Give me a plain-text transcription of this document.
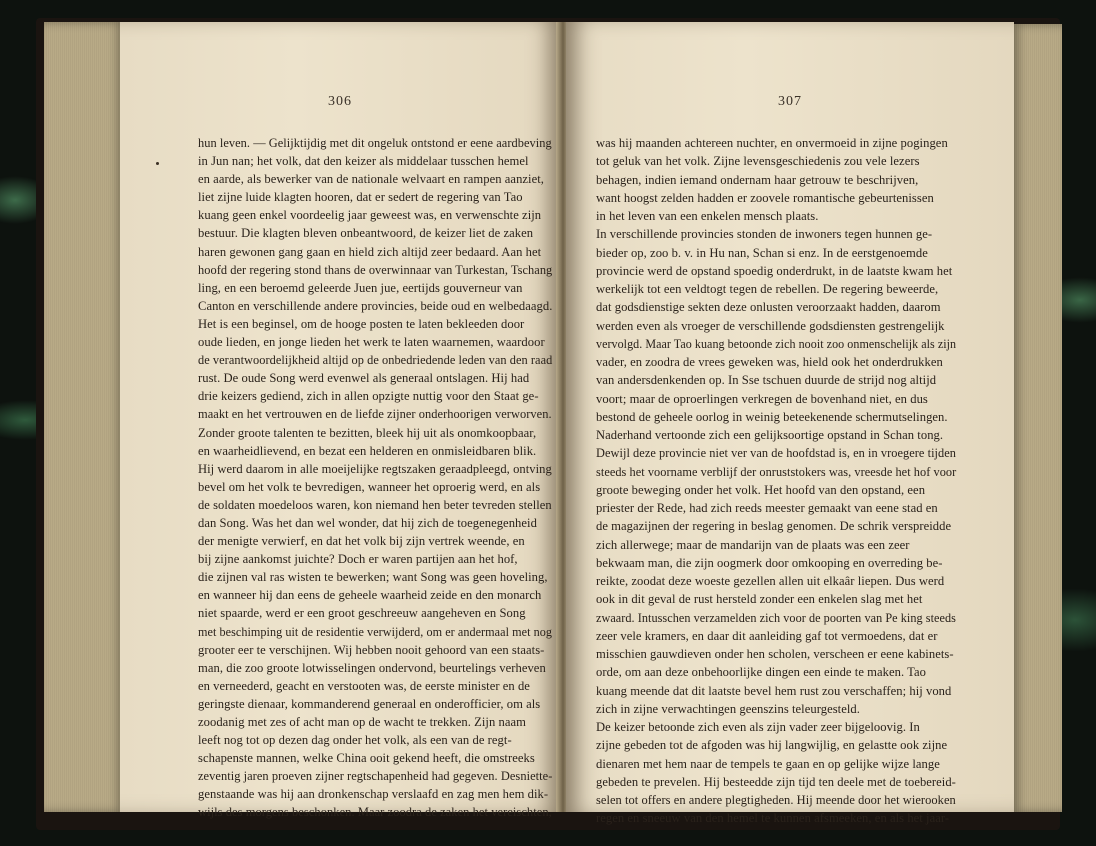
306
hun leven. — Gelijktijdig met dit ongeluk ontstond er eene aardbeving
in Jun nan; het volk, dat den keizer als middelaar tusschen hemel
en aarde, als bewerker van de nationale welvaart en rampen aanziet,
liet zijne luide klagten hooren, dat er sedert de regering van Tao
kuang geen enkel voordeelig jaar geweest was, en verwenschte zijn
bestuur. Die klagten bleven onbeantwoord, de keizer liet de zaken
haren gewonen gang gaan en hield zich altijd zeer bedaard. Aan het
hoofd der regering stond thans de overwinnaar van Turkestan, Tschang
ling, en een beroemd geleerde Juen jue, eertijds gouverneur van
Canton en verschillende andere provincies, beide oud en welbedaagd.
Het is een beginsel, om de hooge posten te laten bekleeden door
oude lieden, en jonge lieden het werk te laten waarnemen, waardoor
de verantwoordelijkheid altijd op de onbedriedende leden van den raad
rust. De oude Song werd evenwel als generaal ontslagen. Hij had
drie keizers gediend, zich in allen opzigte nuttig voor den Staat ge-
maakt en het vertrouwen en de liefde zijner onderhoorigen verworven.
Zonder groote talenten te bezitten, bleek hij uit als onomkoopbaar,
en waarheidlievend, en bezat een helderen en onmisleidbaren blik.
Hij werd daarom in alle moeijelijke regtszaken geraadpleegd, ontving
bevel om het volk te bevredigen, wanneer het oproerig werd, en als
de soldaten moedeloos waren, kon niemand hen beter tevreden stellen
dan Song. Was het dan wel wonder, dat hij zich de toegenegenheid
der menigte verwierf, en dat het volk bij zijn vertrek weende, en
bij zijne aankomst juichte? Doch er waren partijen aan het hof,
die zijnen val ras wisten te bewerken; want Song was geen hoveling,
en wanneer hij dan eens de geheele waarheid zeide en den monarch
niet spaarde, werd er een groot geschreeuw aangeheven en Song
met beschimping uit de residentie verwijderd, om er andermaal met nog
grooter eer te verschijnen. Wij hebben nooit gehoord van een staats-
man, die zoo groote lotwisselingen ondervond, beurtelings verheven
en verneederd, geacht en verstooten was, de eerste minister en de
geringste dienaar, kommanderend generaal en onderofficier, om als
zoodanig met zes of acht man op de wacht te trekken. Zijn naam
leeft nog tot op dezen dag onder het volk, als een van de regt-
schapenste mannen, welke China ooit gekend heeft, die omstreeks
zeventig jaren proeven zijner regtschapenheid had gegeven. Desniette-
genstaande was hij aan dronkenschap verslaafd en zag men hem dik-
wijls des morgens beschonken. Maar zoodra de zaken het vereischten,
307
was hij maanden achtereen nuchter, en onvermoeid in zijne pogingen
tot geluk van het volk. Zijne levensgeschiedenis zou vele lezers
behagen, indien iemand ondernam haar getrouw te beschrijven,
want hoogst zelden hadden er zoovele romantische gebeurtenissen
in het leven van een enkelen mensch plaats.
In verschillende provincies stonden de inwoners tegen hunnen ge-
bieder op, zoo b. v. in Hu nan, Schan si enz. In de eerstgenoemde
provincie werd de opstand spoedig onderdrukt, in de laatste kwam het
werkelijk tot een veldtogt tegen de rebellen. De regering beweerde,
dat godsdienstige sekten deze onlusten veroorzaakt hadden, daarom
werden even als vroeger de verschillende godsdiensten gestrengelijk
vervolgd. Maar Tao kuang betoonde zich nooit zoo onmenschelijk als zijn
vader, en zoodra de vrees geweken was, hield ook het onderdrukken
van andersdenkenden op. In Sse tschuen duurde de strijd nog altijd
voort; maar de oproerlingen verkregen de bovenhand niet, en dus
bestond de geheele oorlog in weinig beteekenende schermutselingen.
Naderhand vertoonde zich een gelijksoortige opstand in Schan tong.
Dewijl deze provincie niet ver van de hoofdstad is, en in vroegere tijden
steeds het voorname verblijf der onruststokers was, vreesde het hof voor
groote beweging onder het volk. Het hoofd van den opstand, een
priester der Rede, had zich reeds meester gemaakt van eene stad en
de magazijnen der regering in beslag genomen. De schrik verspreidde
zich allerwege; maar de mandarijn van de plaats was een zeer
bekwaam man, die zijn oogmerk door omkooping en overreding be-
reikte, zoodat deze woeste gezellen allen uit elkaâr liepen. Dus werd
ook in dit geval de rust hersteld zonder een enkelen slag met het
zwaard. Intusschen verzamelden zich voor de poorten van Pe king steeds
zeer vele kramers, en daar dit aanleiding gaf tot vermoedens, dat er
misschien gauwdieven onder hen scholen, verscheen er eene kabinets-
orde, om aan deze onbehoorlijke dingen een einde te maken. Tao
kuang meende dat dit laatste bevel hem rust zou verschaffen; hij vond
zich in zijne verwachtingen geenszins teleurgesteld.
De keizer betoonde zich even als zijn vader zeer bijgeloovig. In
zijne gebeden tot de afgoden was hij langwijlig, en gelastte ook zijne
dienaren met hem naar de tempels te gaan en op gelijke wijze lange
gebeden te prevelen. Hij besteedde zijn tijd ten deele met de toebereid-
selen tot offers en andere plegtigheden. Hij meende door het wierooken
regen en sneeuw van den hemel te kunnen afsmeeken, en als het jaar-
